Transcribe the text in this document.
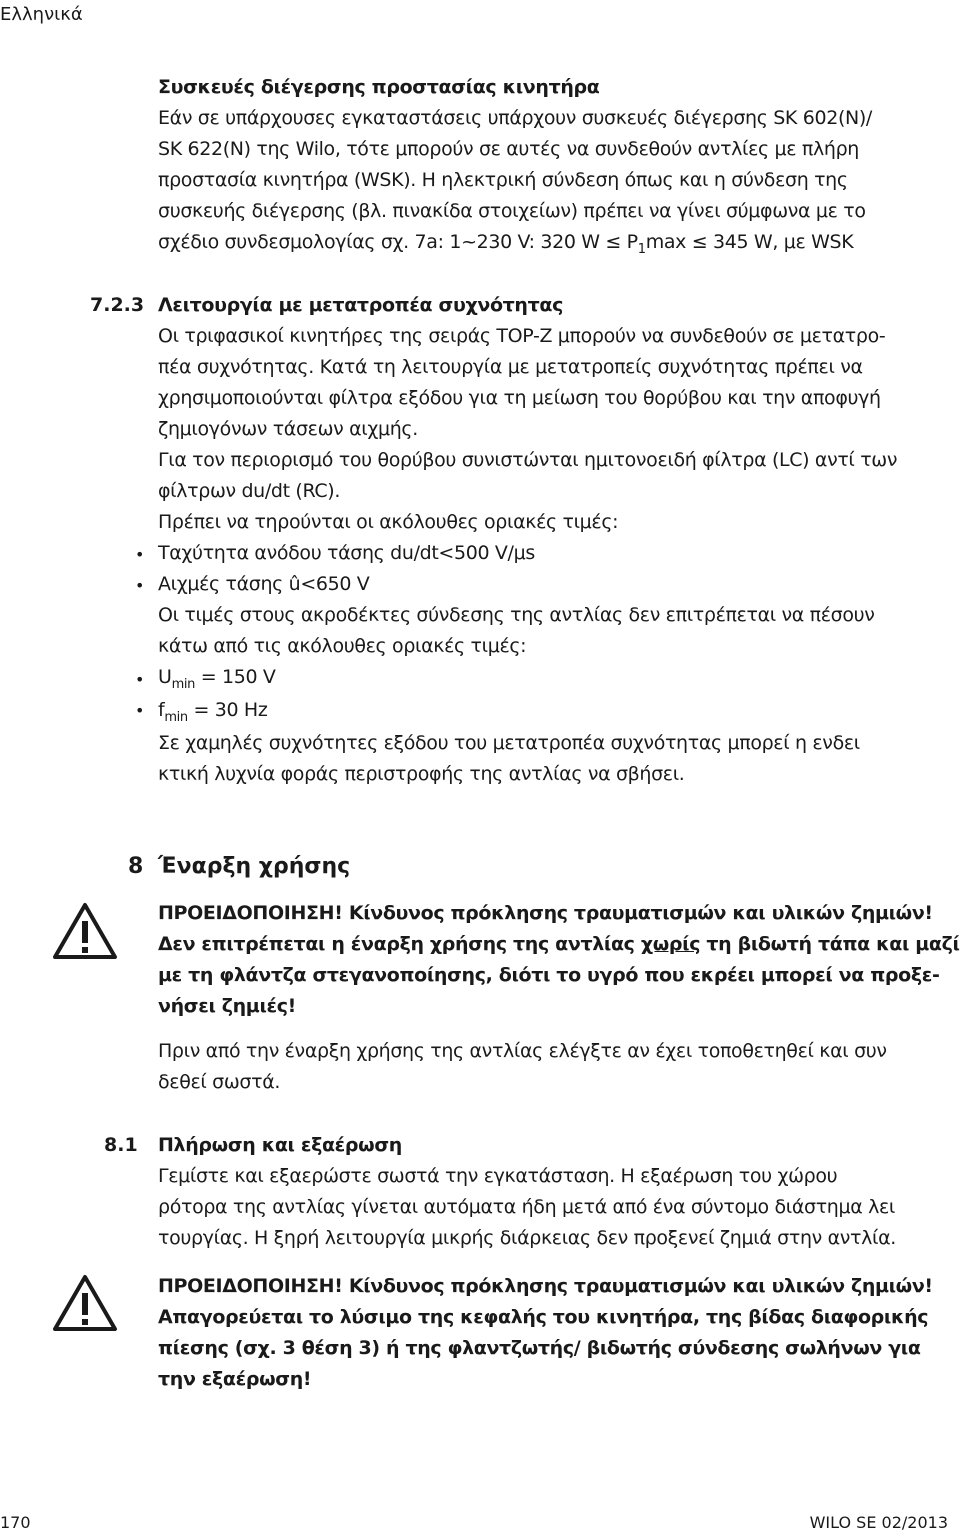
Ελληνικά
Συσκευές διέγερσης προστασίας κινητήρα
Εάν σε υπάρχουσες εγκαταστάσεις υπάρχουν συσκευές διέγερσης SK 602(N)/
SK 622(N) της Wilo, τότε μπορούν σε αυτές να συνδεθούν αντλίες με πλήρη
προστασία κινητήρα (WSK). Η ηλεκτρική σύνδεση όπως και η σύνδεση της
συσκευής διέγερσης (βλ. πινακίδα στοιχείων) πρέπει να γίνει σύμφωνα με το
σχέδιο συνδεσμολογίας σχ. 7a: 1~230 V: 320 $W \le P_1\max \le 345$ W, με WSK
7.2.3 Λειτουργία με μετατροπέα συχνότητας
Οι τριφασικοί κινητήρες της σειράς TOP-Z μπορούν να συνδεθούν σε μετατρο-
πέα συχνότητας. Κατά τη λειτουργία με μετατροπείς συχνότητας πρέπει να
χρησιμοποιούνται φίλτρα εξόδου για τη μείωση του θορύβου και την αποφυγή
ζημιογόνων τάσεων αιχμής.
Για τον περιορισμό του θορύβου συνιστώνται ημιτονοειδή φίλτρα (LC) αντί των
φίλτρων du/dt (RC).
Πρέπει να τηρούνται οι ακόλουθες οριακές τιμές:
Ταχύτητα ανόδου τάσης du/dt<500 V/μs
Αιχμές τάσης û<650 V
Οι τιμές στους ακροδέκτες σύνδεσης της αντλίας δεν επιτρέπεται να πέσουν
κάτω από τις ακόλουθες οριακές τιμές:
$U_{min} = 150$ V
$f_{min} = 30$ Hz
Σε χαμηλές συχνότητες εξόδου του μετατροπέα συχνότητας μπορεί η ενδει
κτική λυχνία φοράς περιστροφής της αντλίας να σβήσει.
•
•
•
•
8 Έναρξη χρήσης
ΠΡΟΕΙΔΟΠΟΙΗΣΗ! Κίνδυνος πρόκλησης τραυματισμών και υλικών ζημιών!
Δεν επιτρέπεται η έναρξη χρήσης της αντλίας χωρίς τη βιδωτή τάπα και μαζί
με τη φλάντζα στεγανοποίησης, διότι το υγρό που εκρέει μπορεί να προξε-
νήσει ζημιές!
Πριν από την έναρξη χρήσης της αντλίας ελέγξτε αν έχει τοποθετηθεί και συν
δεθεί σωστά.
8.1 Πλήρωση και εξαέρωση
Γεμίστε και εξαερώστε σωστά την εγκατάσταση. Η εξαέρωση του χώρου
ρότορα της αντλίας γίνεται αυτόματα ήδη μετά από ένα σύντομο διάστημα λει
τουργίας. Η ξηρή λειτουργία μικρής διάρκειας δεν προξενεί ζημιά στην αντλία.
ΠΡΟΕΙΔΟΠΟΙΗΣΗ! Κίνδυνος πρόκλησης τραυματισμών και υλικών ζημιών!
Απαγορεύεται το λύσιμο της κεφαλής του κινητήρα, της βίδας διαφορικής
πίεσης (σχ. 3 θέση 3) ή της φλαντζωτής/ βιδωτής σύνδεσης σωλήνων για
την εξαέρωση!
170	WILO SE 02/2013
